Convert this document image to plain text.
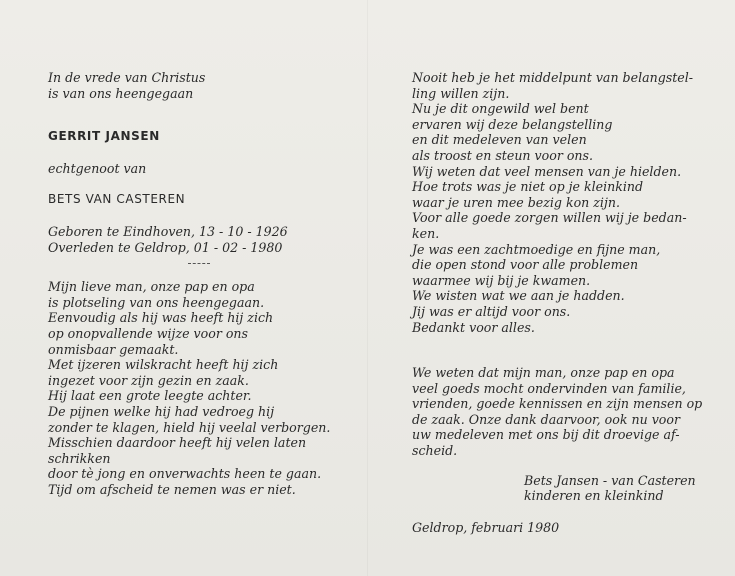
In de vrede van Christus
is van ons heengegaan
GERRIT JANSEN
echtgenoot van
BETS VAN CASTEREN
Geboren te Eindhoven, 13 - 10 - 1926
Overleden te Geldrop, 01 - 02 - 1980
Mijn lieve man, onze pap en opa
is plotseling van ons heengegaan.
Eenvoudig als hij was heeft hij zich
op onopvallende wijze voor ons
onmisbaar gemaakt.
Met ijzeren wilskracht heeft hij zich
ingezet voor zijn gezin en zaak.
Hij laat een grote leegte achter.
De pijnen welke hij had vedroeg hij
zonder te klagen, hield hij veelal verborgen.
Misschien daardoor heeft hij velen laten
schrikken
door tè jong en onverwachts heen te gaan.
Tijd om afscheid te nemen was er niet.
Nooit heb je het middelpunt van belangstel-
ling willen zijn.
Nu je dit ongewild wel bent
ervaren wij deze belangstelling
en dit medeleven van velen
als troost en steun voor ons.
Wij weten dat veel mensen van je hielden.
Hoe trots was je niet op je kleinkind
waar je uren mee bezig kon zijn.
Voor alle goede zorgen willen wij je bedan-
ken.
Je was een zachtmoedige en fijne man,
die open stond voor alle problemen
waarmee wij bij je kwamen.
We wisten wat we aan je hadden.
Jij was er altijd voor ons.
Bedankt voor alles.
We weten dat mijn man, onze pap en opa
veel goeds mocht ondervinden van familie,
vrienden, goede kennissen en zijn mensen op
de zaak. Onze dank daarvoor, ook nu voor
uw medeleven met ons bij dit droevige af-
scheid.
Bets Jansen - van Casteren
kinderen en kleinkind
Geldrop, februari 1980
